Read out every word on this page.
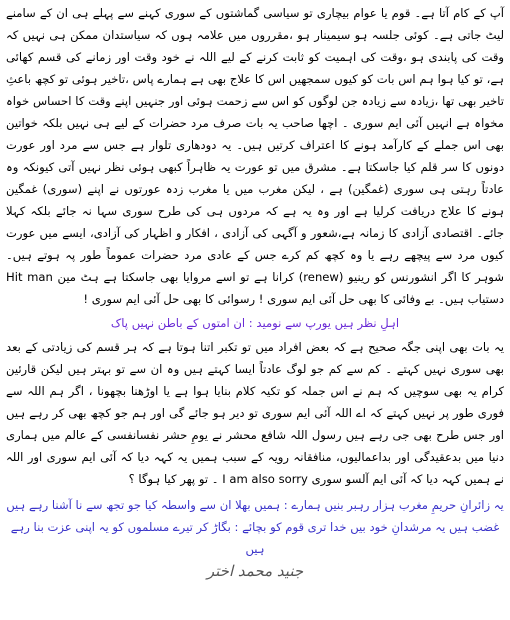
آپ کے کام آتا ہے۔ قوم یا عوام بیچاری تو سیاسی گماشتوں کے سوری کہنے سے پہلے ہی ان کے سامنے لیٹ جاتی ہے۔ کوئی جلسہ ہو سیمینار ہو ،مقرروں میں علامہ ہوں کہ سیاستدان ممکن ہی نہیں کہ وقت کی پابندی ہو ،وقت کی اہمیت کو ثابت کرنے کے لیے اللہ نے خود وقت اور زمانے کی قسم کھائی ہے، تو کیا ہوا ہم اس بات کو کیوں سمجھیں اس کا علاج بھی ہے ہمارے پاس ،تاخیر ہوئی تو کچھ باعثِ تاخیر بھی تھا ،زیادہ سے زیادہ جن لوگوں کو اس سے زحمت ہوئی اور جنہیں اپنے وقت کا احساس خواہ مخواہ ہے انہیں آئی ایم سوری ۔ اچھا صاحب یہ بات صرف مرد حضرات کے لیے ہی نہیں بلکہ خواتین بھی اس جملے کے کارآمد ہونے کا اعتراف کرتیں ہیں۔ یہ دودھاری تلوار ہے جس سے مرد اور عورت دونوں کا سر قلم کیا جاسکتا ہے۔ مشرق میں تو عورت یہ ظاہراً کبھی ہوئی نظر نہیں آتی کیونکہ وہ عادتاً رہتی ہی سوری (غمگین) ہے ، لیکن مغرب میں یا مغرب زدہ عورتوں نے اپنے (سوری) غمگین ہونے کا علاج دریافت کرلیا ہے اور وہ یہ ہے کہ مردوں ہی کی طرح سوری سہا نہ جائے بلکہ کہلا جائے۔ اقتصادی آزادی کا زمانہ ہے،شعور و آگہی کی آزادی ، افکار و اظہار کی آزادی، ایسے میں عورت کیوں مرد سے پیچھے رہے یا وہ کچھ کم کرے جس کے عادی مرد حضرات عموماً طور پہ ہوتے ہیں۔ شوہر کا اگر انشورنس کو رینیو (renew) کرانا ہے تو اسے مروایا بھی جاسکتا ہے ہٹ مین Hit man دستیاب ہیں۔ بے وفائی کا بھی حل آئی ایم سوری ! رسوائی کا بھی حل آئی ایم سوری !

اہلِ نظر ہیں یورپ سے نومید : ان امتوں کے باطن نہیں پاک

یہ بات بھی اپنی جگہ صحیح ہے کہ بعض افراد میں تو تکبر اتنا ہوتا ہے کہ ہر قسم کی زیادتی کے بعد بھی سوری نہیں کہتے ۔ کم سے کم جو لوگ عادتاً ایسا کہتے ہیں وہ ان سے تو بہتر ہیں لیکن قارئین کرام یہ بھی سوچیں کہ ہم نے اس جملہ کو تکیہ کلام بنایا ہوا ہے یا اوڑھنا بچھونا ، اگر ہم اللہ سے فوری طور پر نہیں کہتے کہ اے اللہ آئی ایم سوری تو دیر ہو جائے گی اور ہم جو کچھ بھی کر رہے ہیں اور جس طرح بھی جی رہے ہیں رسول اللہ شافع محشر نے یومِ حشر نفسانفسی کے عالم میں ہماری دنیا میں بدعقیدگی اور بداعمالیوں، منافقانہ رویہ کے سبب ہمیں یہ کہہ دیا کہ آئی ایم سوری اور اللہ نے ہمیں کہہ دیا کہ آئی ایم آلسو سوری I am also sorry ۔ تو پھر کیا ہوگا ؟

یہ زائرانِ حریمِ مغرب ہزار رہبر بنیں ہمارے : ہمیں بھلا ان سے واسطہ کیا جو تجھ سے نا آشنا رہے ہیں

غضب ہیں یہ مرشدانِ خود بیں خدا تری قوم کو بچائے : بگاڑ کر تیرے مسلموں کو یہ اپنی عزت بنا رہے ہیں

جنید محمد اختر
